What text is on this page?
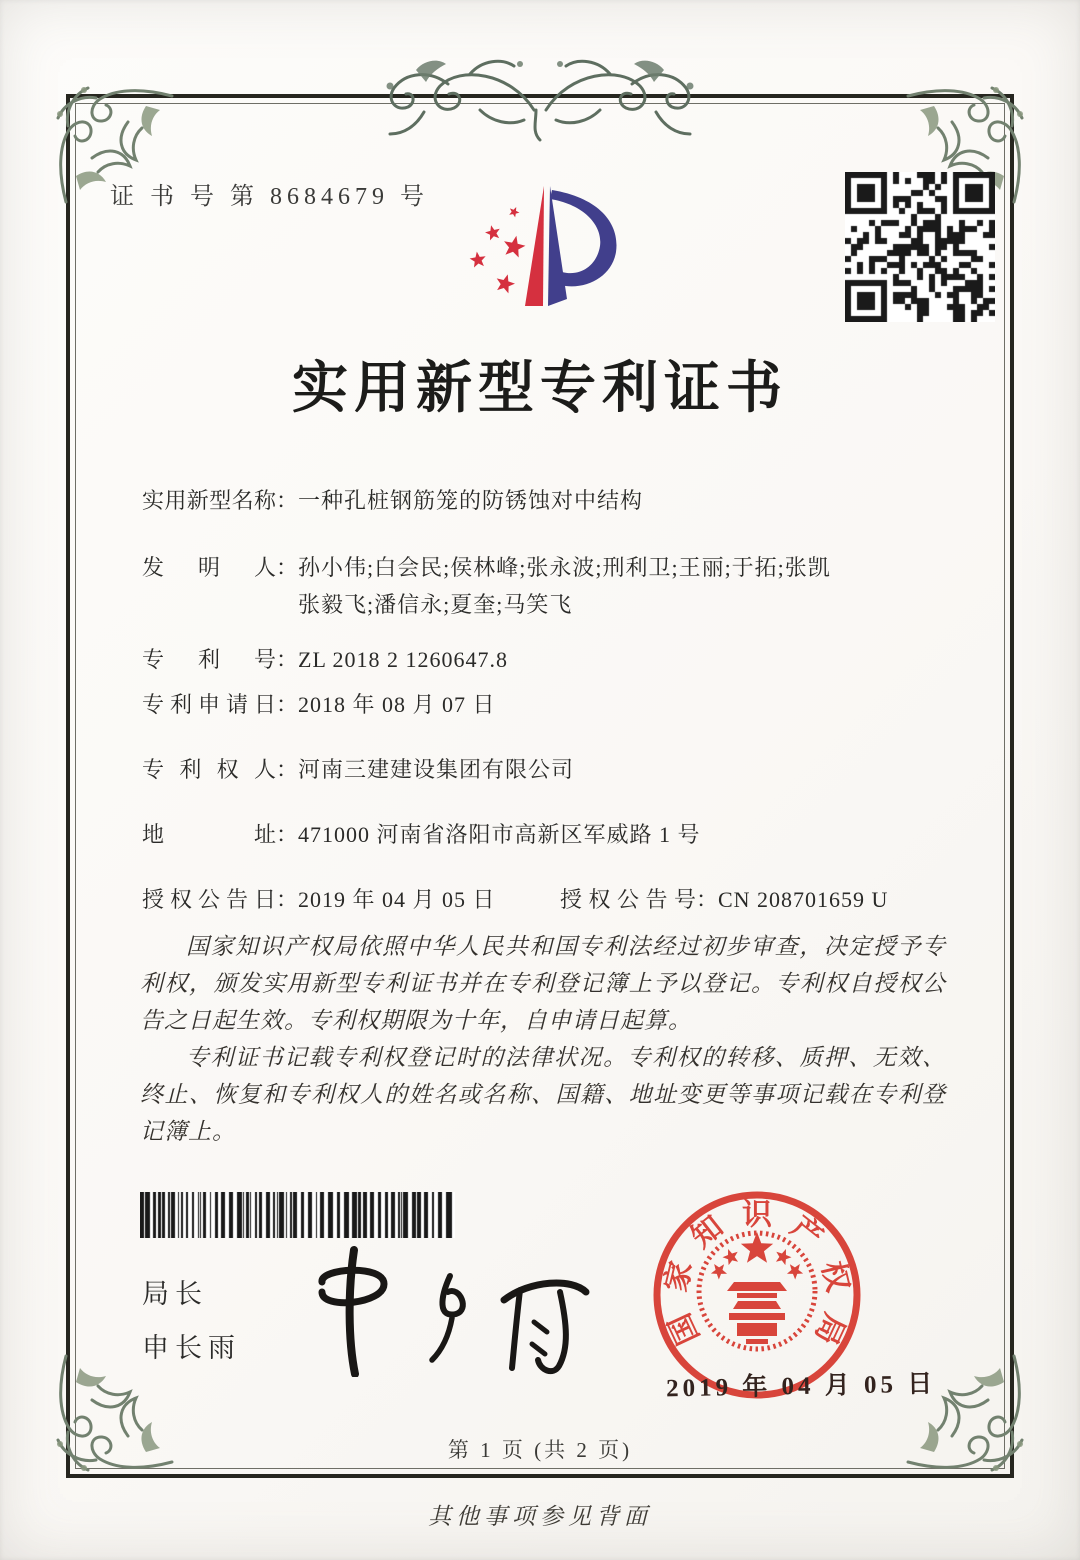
证 书 号 第 8684679 号
实用新型专利证书
实用新型名称：一种孔桩钢筋笼的防锈蚀对中结构
发明人：孙小伟;白会民;侯林峰;张永波;刑利卫;王丽;于拓;张凯
张毅飞;潘信永;夏奎;马笑飞
专利号：ZL 2018 2 1260647.8
专利申请日：2018 年 08 月 07 日
专利权人：河南三建建设集团有限公司
地址：471000 河南省洛阳市高新区军威路 1 号
授权公告日：2019 年 04 月 05 日	授权公告号：CN 208701659 U

国家知识产权局依照中华人民共和国专利法经过初步审查，决定授予专利权，颁发实用新型专利证书并在专利登记簿上予以登记。专利权自授权公告之日起生效。专利权期限为十年，自申请日起算。

专利证书记载专利权登记时的法律状况。专利权的转移、质押、无效、终止、恢复和专利权人的姓名或名称、国籍、地址变更等事项记载在专利登记簿上。

局长
申长雨	国
家
知 识 产
权
局
2019 年 04 月 05 日
第 1 页 (共 2 页)
其他事项参见背面
